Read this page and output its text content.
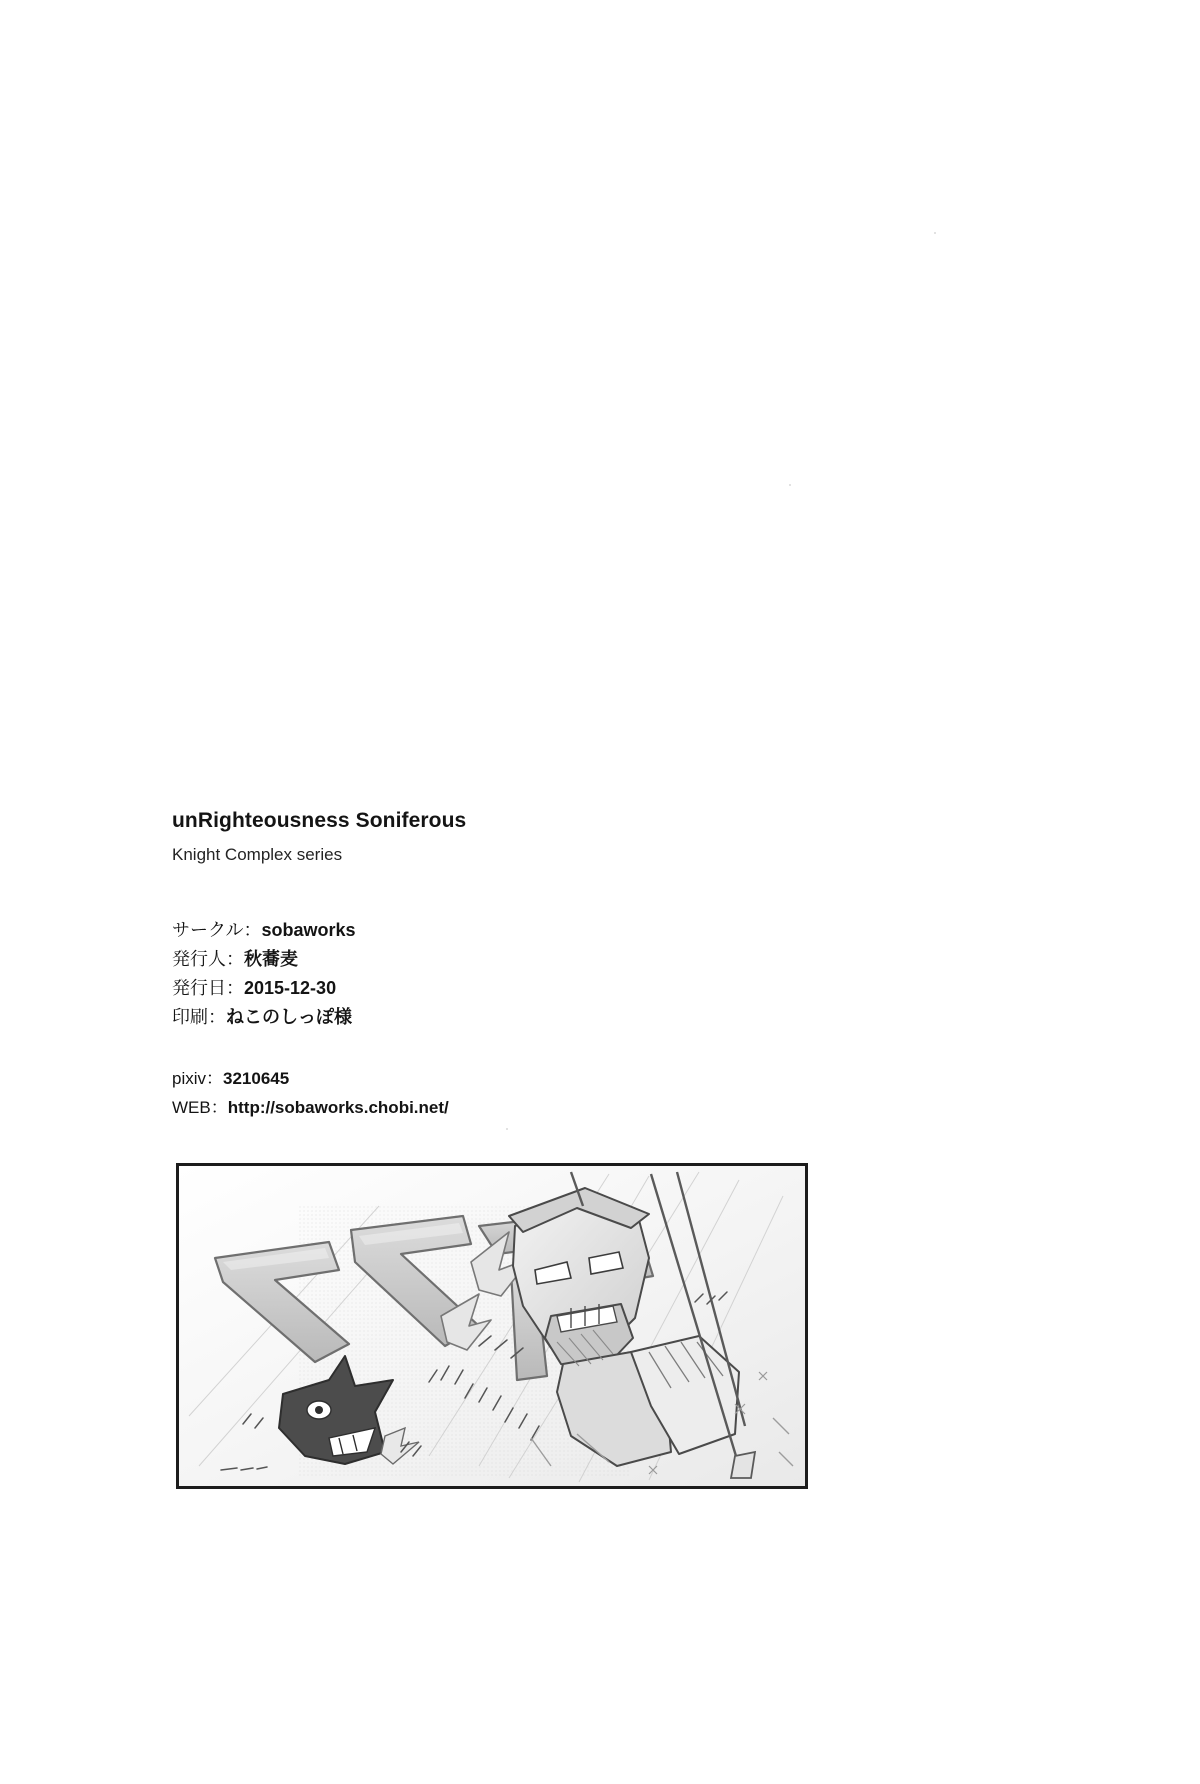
unRighteousness Soniferous
Knight Complex series
サークル：sobaworks
発行人：秋蕎麦
発行日：2015-12-30
印刷：ねこのしっぽ様
pixiv：3210645
WEB：http://sobaworks.chobi.net/
